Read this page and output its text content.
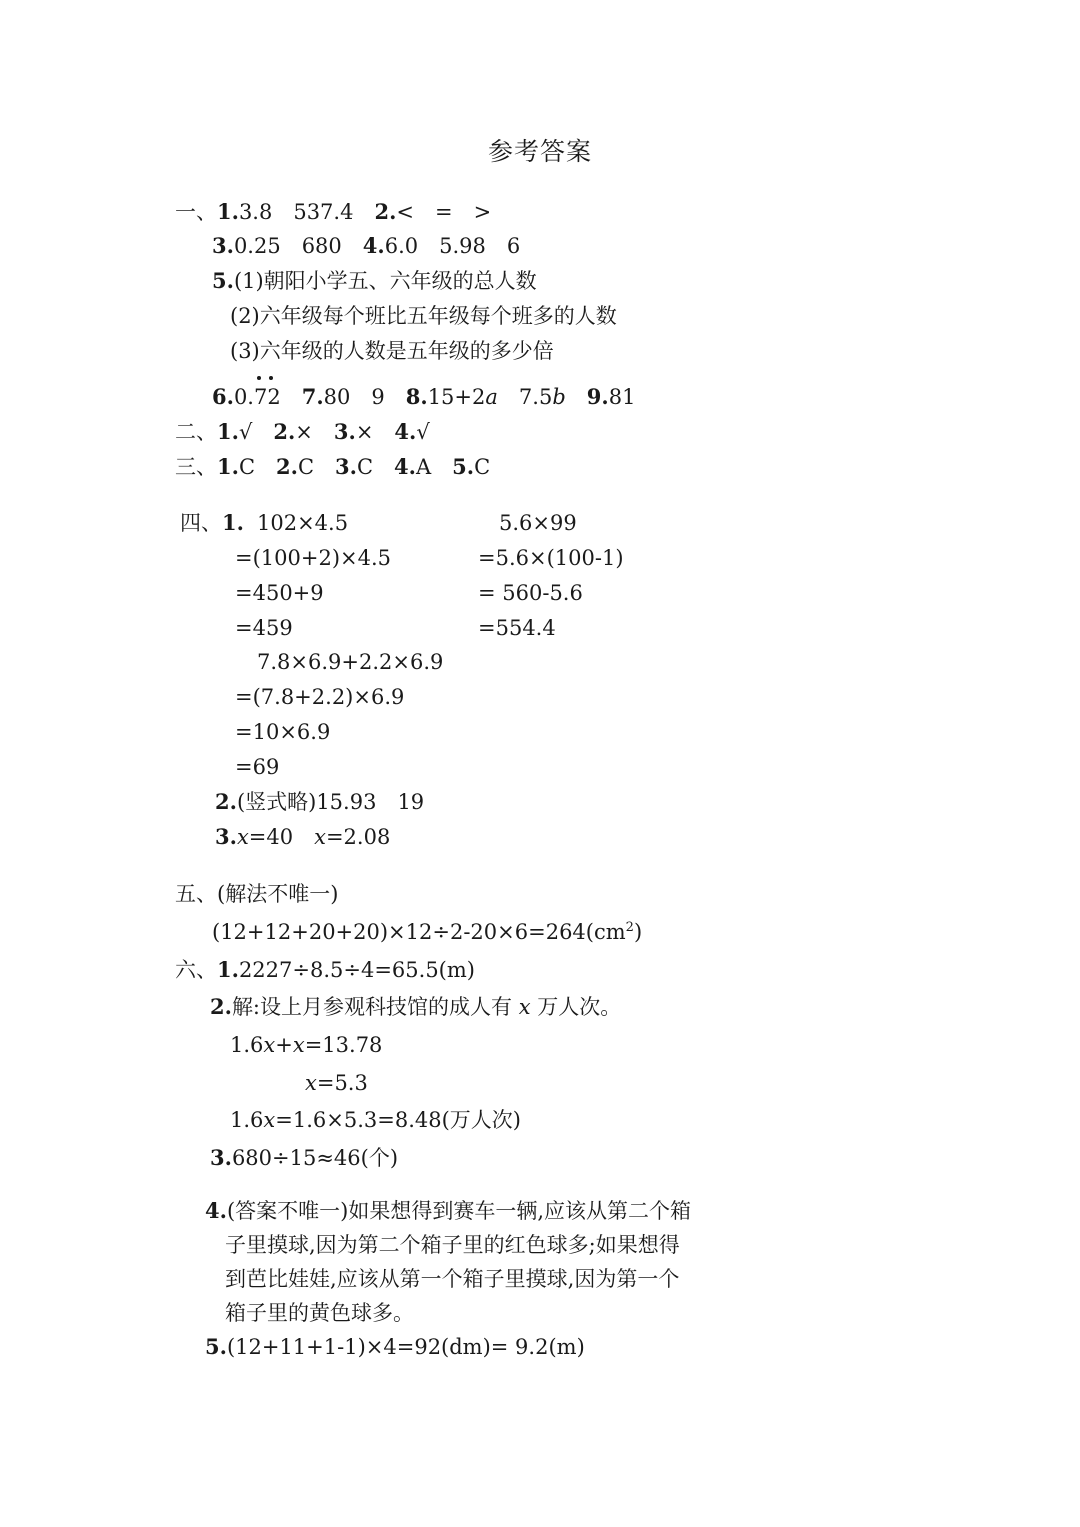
参考答案
一、1.3.8　537.4　 2.<　=　>
3.0.25　680　 4.6.0　5.98　6
5.(1)朝阳小学五、六年级的总人数
(2)六年级每个班比五年级每个班多的人数
(3)六年级的人数是五年级的多少倍
6.0.
72　 7.80　9　 8.15+2a　 7.5b　 9.81
二、1.√　 2.×　 3.×　 4.√
三、1.C　 2.C　 3.C　 4.A　 5.C
四、1. 102×4.5
=(100+2)×4.5
=450+9
=459
5.6×99
=5.6×(100-1)
= 560-5.6
=554.4
7.8×6.9+2.2×6.9
=(7.8+2.2)×6.9
=10×6.9
=69
2.(竖式略)15.93　19
3.x=40　x=2.08
五、(解法不唯一)
$(12+12+20+20)\times 12\div 2-20\times 6=264(cm^2)$
六、1.2227÷8.5÷4=65.5(m)
2.解:设上月参观科技馆的成人有 x 万人次。
1.6x+x=13.78
x=5.3
1.6x=1.6×5.3=8.48(万人次)
3.680÷15≈46(个)
4.(答案不唯一)如果想得到赛车一辆,应该从第二个箱
子里摸球,因为第二个箱子里的红色球多;如果想得
到芭比娃娃,应该从第一个箱子里摸球,因为第一个
箱子里的黄色球多。
5.(12+11+1-1)×4=92(dm)= 9.2(m)
